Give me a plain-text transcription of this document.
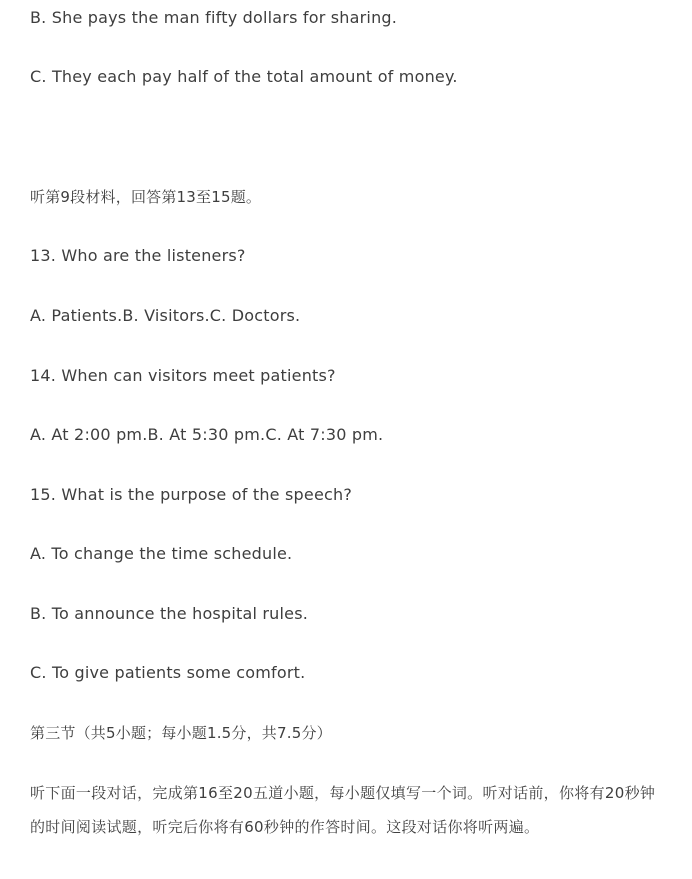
B. She pays the man fifty dollars for sharing.
C. They each pay half of the total amount of money.
听第9段材料，回答第13至15题。
13. Who are the listeners?
A. Patients.B. Visitors.C. Doctors.
14. When can visitors meet patients?
A. At 2:00 pm.B. At 5:30 pm.C. At 7:30 pm.
15. What is the purpose of the speech?
A. To change the time schedule.
B. To announce the hospital rules.
C. To give patients some comfort.
第三节（共5小题；每小题1.5分，共7.5分）
听下面一段对话，完成第16至20五道小题，每小题仅填写一个词。听对话前，你将有20秒钟的时间阅读试题，听完后你将有60秒钟的作答时间。这段对话你将听两遍。
